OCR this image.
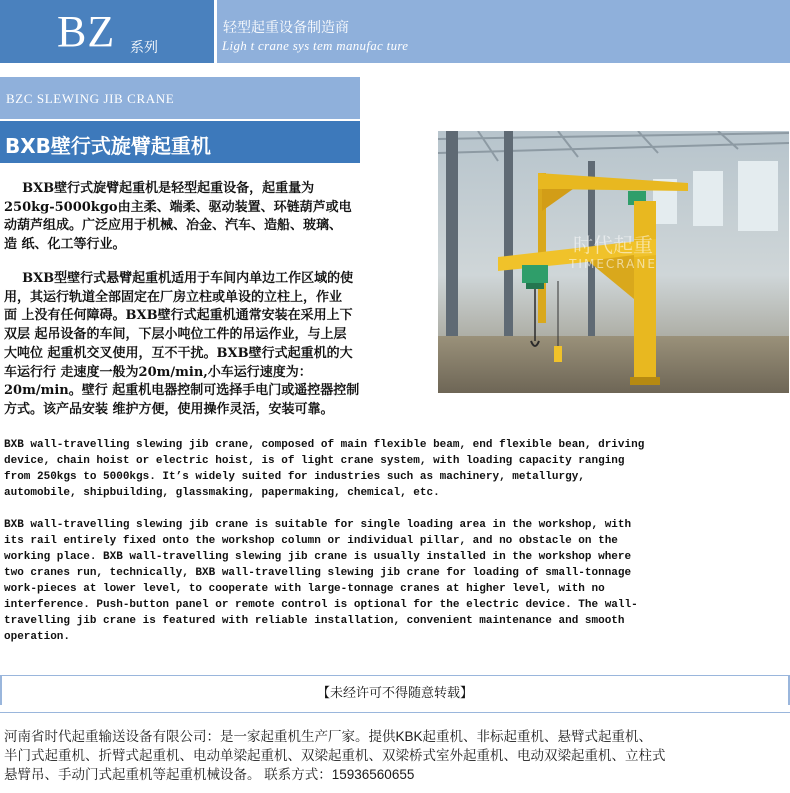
BZ 系列
轻型起重设备制造商
Ligh t crane sys tem manufac ture
BZC SLEWING JIB CRANE
BXB壁行式旋臂起重机
时代起重
TIMECRANE
BXB壁行式旋臂起重机是轻型起重设备，起重量为
250kg-5000kgo由主柔、端柔、驱动装置、环链葫芦或电
动葫芦组成。广泛应用于机械、冶金、汽车、造船、玻璃、
造 纸、化工等行业。
BXB型壁行式悬臂起重机适用于车间内单边工作区域的使
用，其运行轨道全部固定在厂房立柱或单设的立柱上，作业
面 上没有任何障碍。BXB壁行式起重机通常安装在采用上下
双层 起吊设备的车间，下层小吨位工件的吊运作业，与上层
大吨位 起重机交叉使用，互不干扰。BXB壁行式起重机的大
车运行行 走速度一般为20m/min,小车运行速度为：
20m/min。壁行 起重机电器控制可选择手电门或遥控器控制
方式。该产品安装 维护方便，使用操作灵活，安装可靠。
BXB wall-travelling slewing jib crane, composed of main flexible beam, end flexible bean, driving
device, chain hoist or electric hoist, is of light crane system, with loading capacity ranging
from 250kgs to 5000kgs. It’s widely suited for industries such as machinery, metallurgy,
automobile, shipbuilding, glassmaking, papermaking, chemical, etc.
BXB wall-travelling slewing jib crane is suitable for single loading area in the workshop, with
its rail entirely fixed onto the workshop column or individual pillar, and no obstacle on the
working place. BXB wall-travelling slewing jib crane is usually installed in the workshop where
two cranes run, technically, BXB wall-travelling slewing jib crane for loading of small-tonnage
work-pieces at lower level, to cooperate with large-tonnage cranes at higher level, with no
interference. Push-button panel or remote control is optional for the electric device. The wall-
travelling jib crane is featured with reliable installation, convenient maintenance and smooth
operation.
【未经许可不得随意转载】
河南省时代起重输送设备有限公司：是一家起重机生产厂家。提供KBK起重机、非标起重机、悬臂式起重机、
半门式起重机、折臂式起重机、电动单梁起重机、双梁起重机、双梁桥式室外起重机、电动双梁起重机、立柱式
悬臂吊、手动门式起重机等起重机械设备。 联系方式：15936560655
